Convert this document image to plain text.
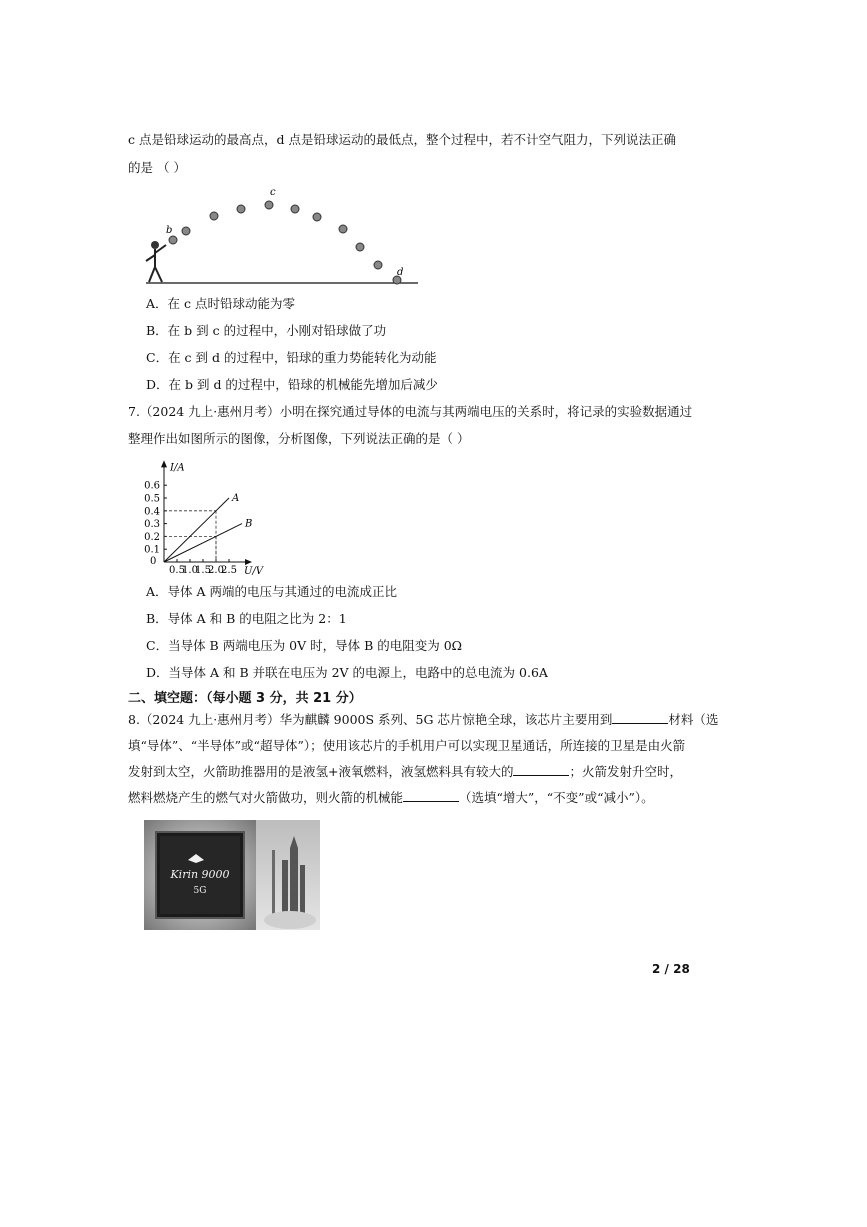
c 点是铅球运动的最高点，d 点是铅球运动的最低点，整个过程中，若不计空气阻力，下列说法正确
的是 （ ）
b
c
d
A．在 c 点时铅球动能为零
B．在 b 到 c 的过程中，小刚对铅球做了功
C．在 c 到 d 的过程中，铅球的重力势能转化为动能
D．在 b 到 d 的过程中，铅球的机械能先增加后减少
7.（2024 九上·惠州月考）小明在探究通过导体的电流与其两端电压的关系时，将记录的实验数据通过
整理作出如图所示的图像，分析图像，下列说法正确的是（ ）
0.5
1.0
1.5
2.0
2.5
0.1
0.2
0.3
0.4
0.5
0.6
0
U/V
I/A
A
B
A．导体 A 两端的电压与其通过的电流成正比
B．导体 A 和 B 的电阻之比为 2：1
C．当导体 B 两端电压为 0V 时，导体 B 的电阻变为 0Ω
D．当导体 A 和 B 并联在电压为 2V 的电源上，电路中的总电流为 0.6A
二、填空题：（每小题 3 分，共 21 分）
8.（2024 九上·惠州月考）华为麒麟 9000S 系列、5G 芯片惊艳全球，该芯片主要用到	材料（选
填“导体”、“半导体”或“超导体”）；使用该芯片的手机用户可以实现卫星通话，所连接的卫星是由火箭
发射到太空，火箭助推器用的是液氢+液氧燃料，液氢燃料具有较大的	；火箭发射升空时，
燃料燃烧产生的燃气对火箭做功，则火箭的机械能	（选填“增大”，“不变”或“减小”）。
Kirin 9000
5G
2 / 28
